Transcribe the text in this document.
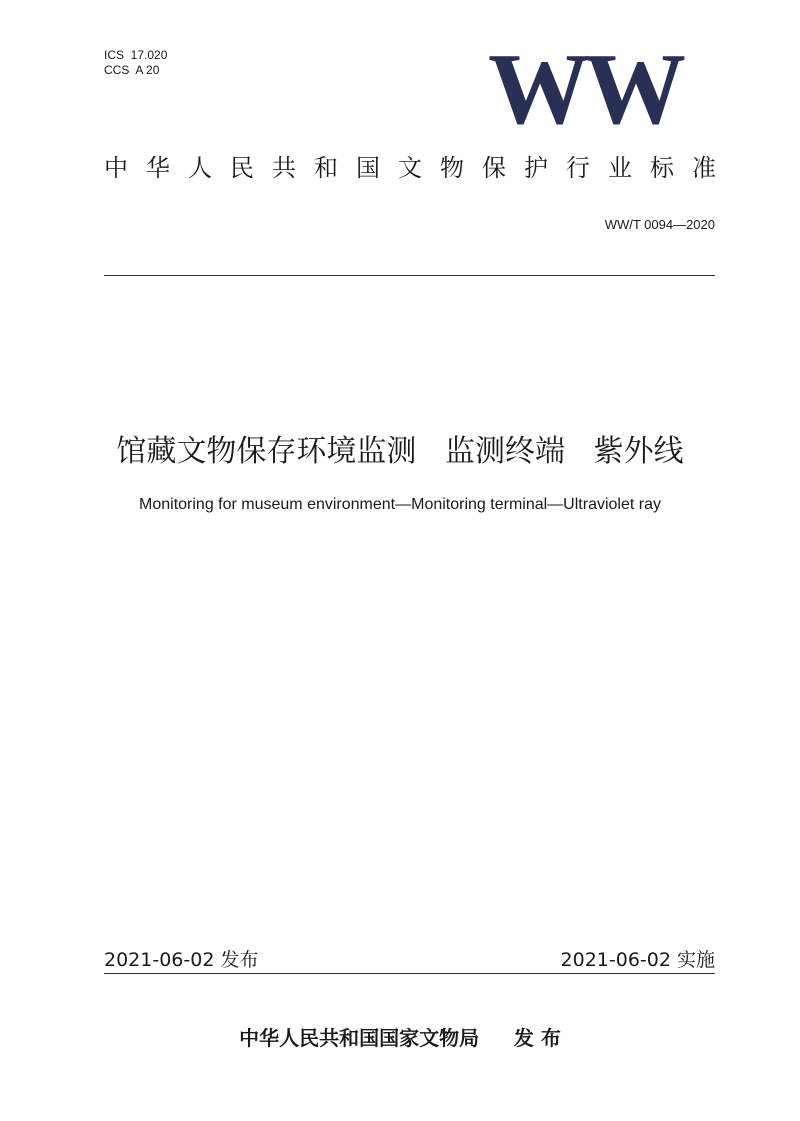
ICS  17.020
CCS  A 20	WW
中 华 人 民 共 和 国 文 物 保 护 行 业 标 准
WW/T 0094—2020
馆藏文物保存环境监测   监测终端   紫外线
Monitoring for museum environment—Monitoring terminal—Ultraviolet ray
2021-06-02 发布	2021-06-02 实施
中华人民共和国国家文物局     发 布
